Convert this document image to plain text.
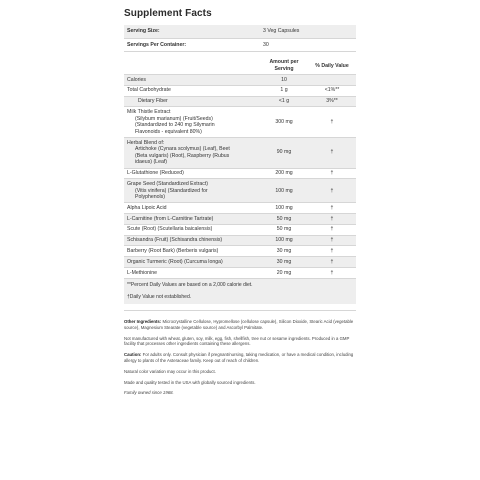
Supplement Facts
Serving Size:	3 Veg Capsules	
Servings Per Container:	30	

	Amount per Serving	% Daily Value
Calories	10	
Total Carbohydrate	1 g	<1%**
Dietary Fiber	<1 g	3%**
Milk Thistle Extract
(Silybum marianum) (Fruit/Seeds)
(Standardized to 240 mg Silymarin
Flavonoids - equivalent 80%)	300 mg	†
Herbal Blend of:
Artichoke (Cynara scolymus) (Leaf), Beet
(Beta vulgaris) (Root), Raspberry (Rubus
idaeus) (Leaf)	90 mg	†
L-Glutathione (Reduced)	200 mg	†
Grape Seed (Standardized Extract)
(Vitis vinifera) (Standardized for
Polyphenols)	100 mg	†
Alpha Lipoic Acid	100 mg	†
L-Carnitine (from L-Carnitine Tartrate)	50 mg	†
Scute (Root) (Scutellaria baicalensis)	50 mg	†
Schisandra (Fruit) (Schisandra chinensis)	100 mg	†
Barberry (Root Bark) (Berberis vulgaris)	30 mg	†
Organic Turmeric (Root) (Curcuma longa)	30 mg	†
L-Methionine	20 mg	†
**Percent Daily Values are based on a 2,000 calorie diet.		
†Daily Value not established.		

Other Ingredients: Microcrystalline Cellulose, Hypromellose (cellulose capsule), Silicon Dioxide, Stearic Acid (vegetable source), Magnesium Stearate (vegetable source) and Ascorbyl Palmitate.

Not manufactured with wheat, gluten, soy, milk, egg, fish, shellfish, tree nut or sesame ingredients. Produced in a GMP facility that processes other ingredients containing these allergens.

Caution: For adults only. Consult physician if pregnant/nursing, taking medication, or have a medical condition, including allergy to plants of the Asteraceae family. Keep out of reach of children.

Natural color variation may occur in this product.

Made and quality tested in the USA with globally sourced ingredients.

Family owned since 1968.
